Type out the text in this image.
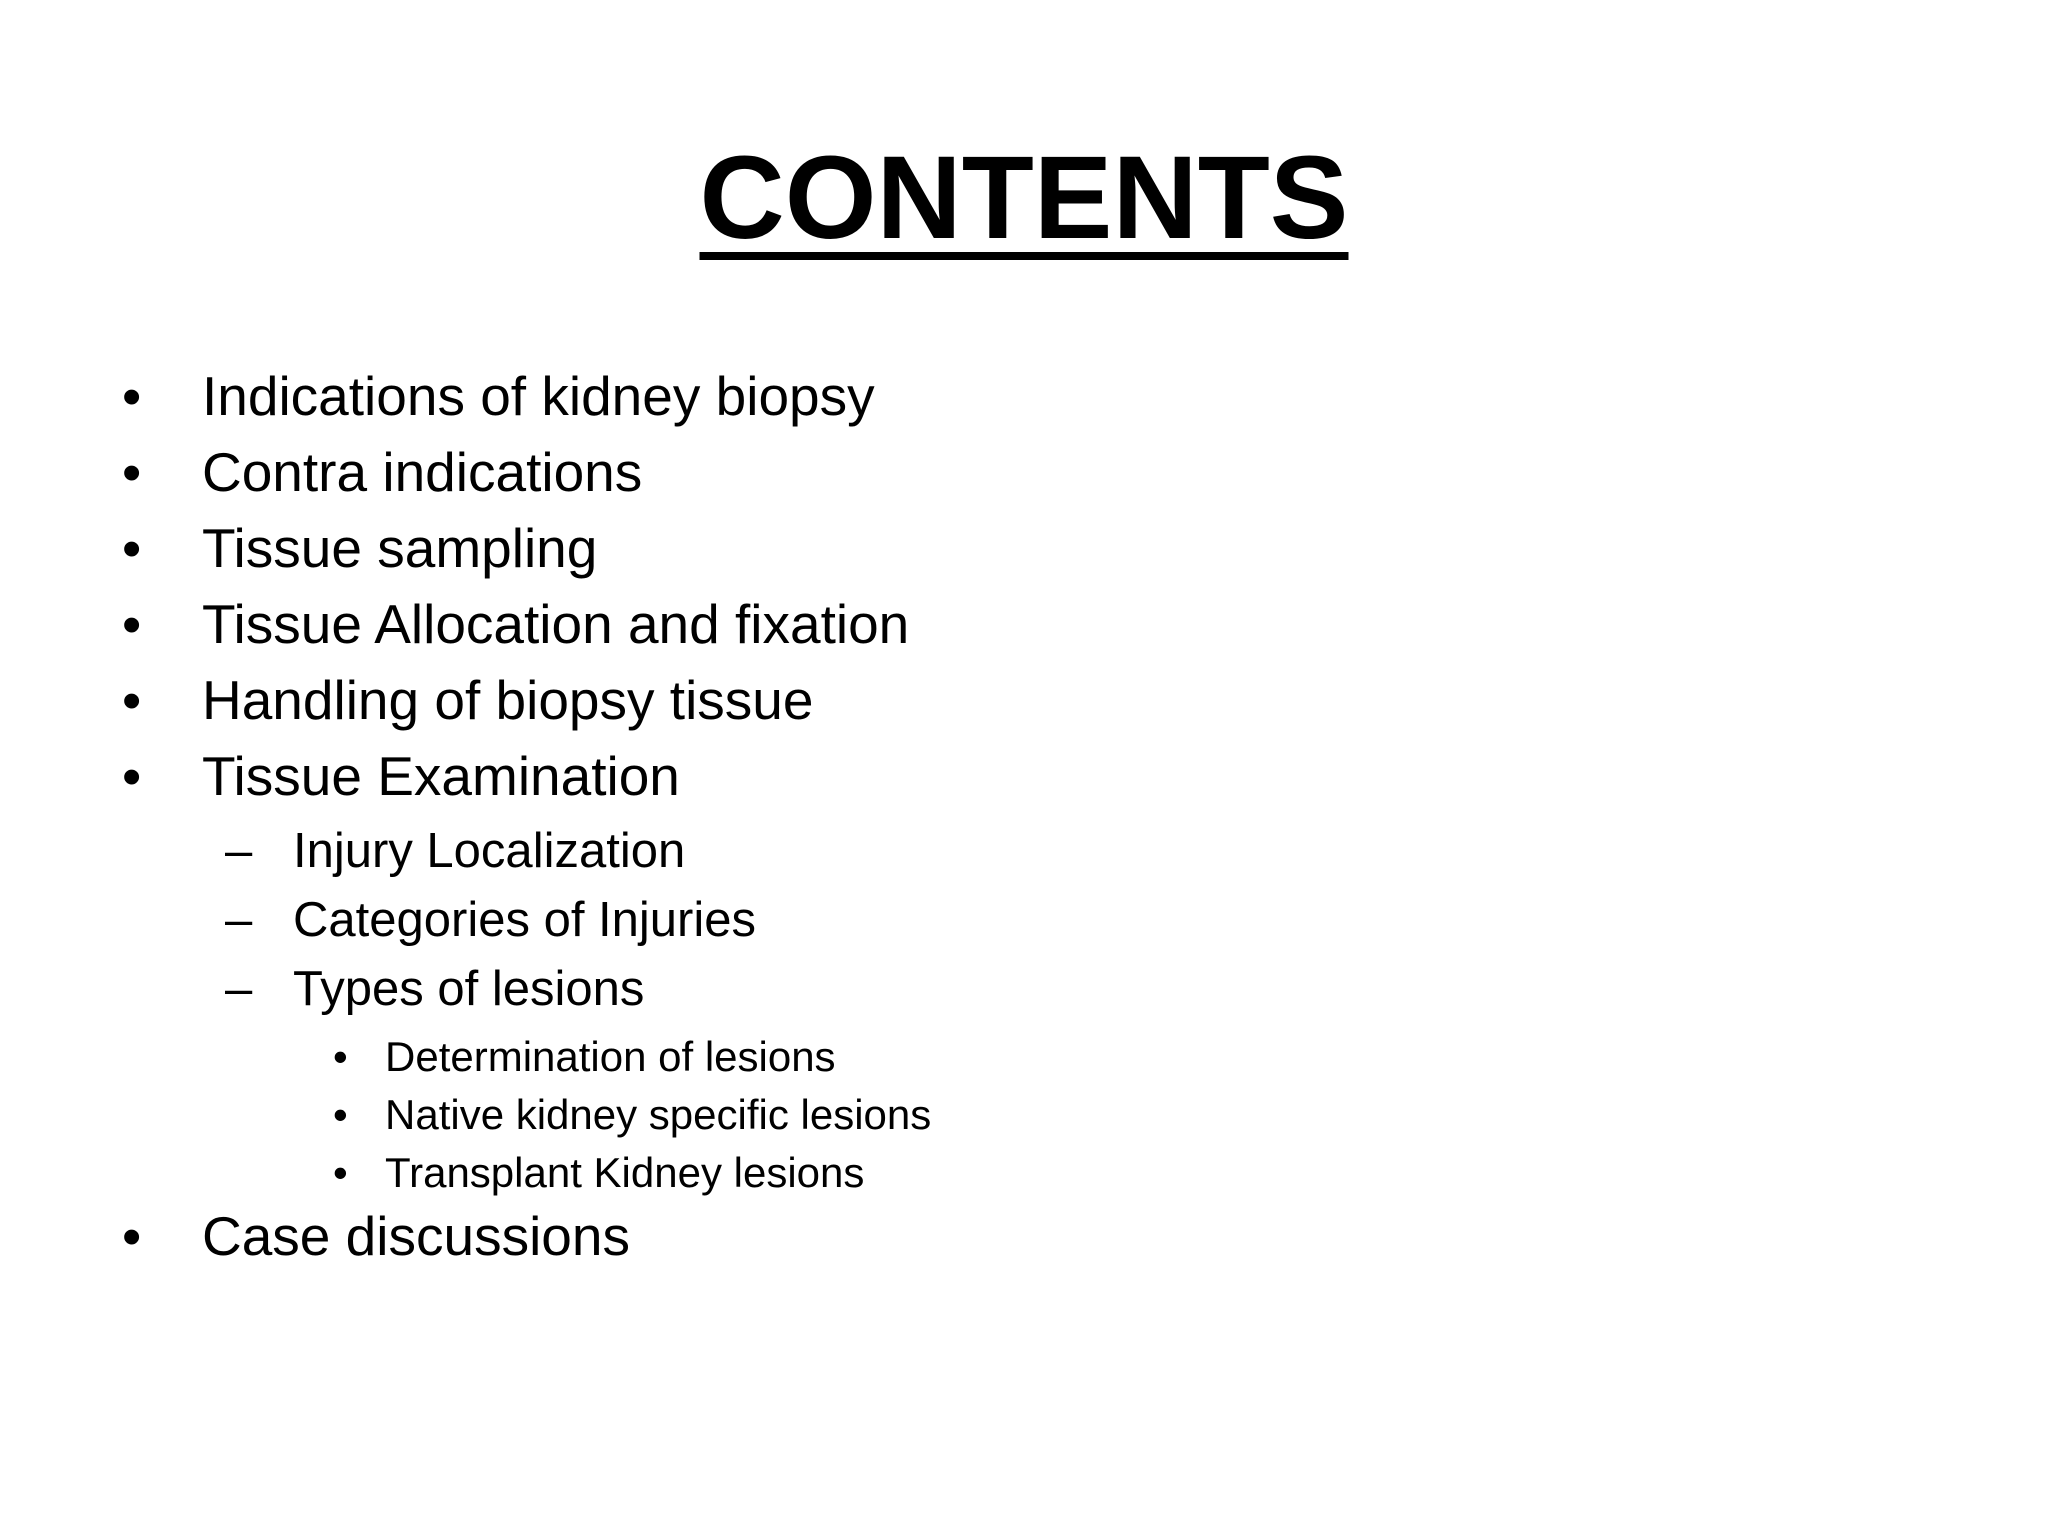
CONTENTS
• Indications of kidney biopsy
• Contra indications
• Tissue sampling
• Tissue Allocation and fixation
• Handling of biopsy tissue
• Tissue Examination
– Injury Localization
– Categories of Injuries
– Types of lesions
• Determination of lesions
• Native kidney specific lesions
• Transplant Kidney lesions
• Case discussions
